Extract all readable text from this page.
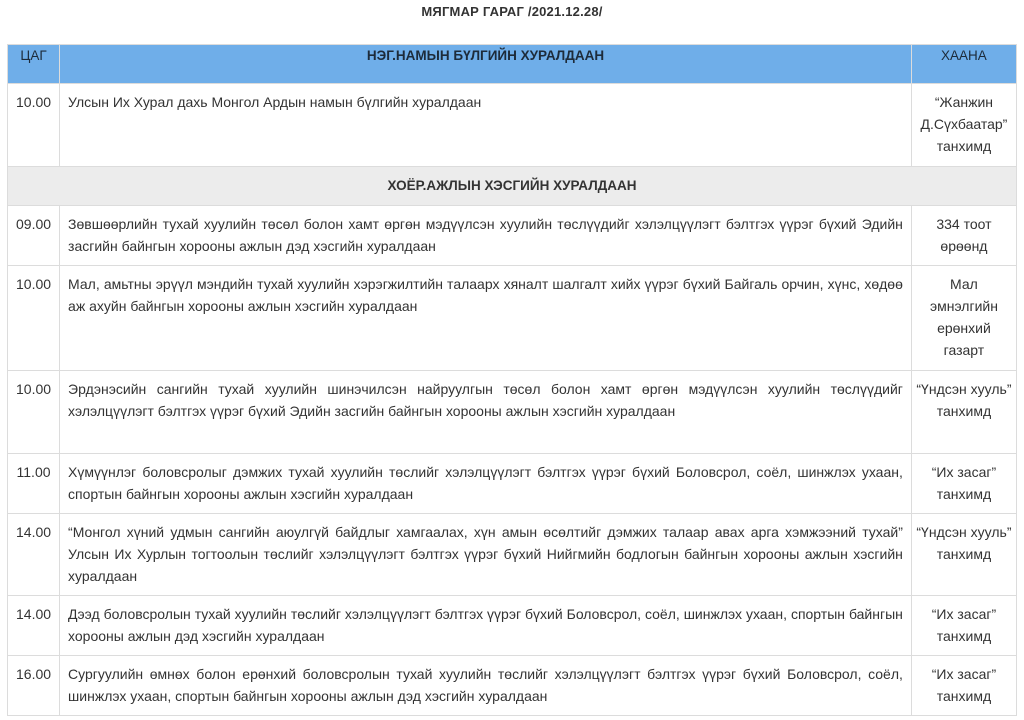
МЯГМАР ГАРАГ /2021.12.28/
ЦАГ	НЭГ.НАМЫН БҮЛГИЙН ХУРАЛДААН	ХААНА
10.00	Улсын Их Хурал дахь Монгол Ардын намын бүлгийн хуралдаан	“Жанжин Д.Сүхбаатар” танхимд
ХОЁР.АЖЛЫН ХЭСГИЙН ХУРАЛДААН		
09.00	Зөвшөөрлийн тухай хуулийн төсөл болон хамт өргөн мэдүүлсэн хуулийн төслүүдийг хэлэлцүүлэгт бэлтгэх үүрэг бүхий Эдийн засгийн байнгын хорооны ажлын дэд хэсгийн хуралдаан	334 тоот өрөөнд
10.00	Мал, амьтны эрүүл мэндийн тухай хуулийн хэрэгжилтийн талаарх хяналт шалгалт хийх үүрэг бүхий Байгаль орчин, хүнс, хөдөө аж ахуйн байнгын хорооны ажлын хэсгийн хуралдаан	Мал эмнэлгийн ерөнхий газарт
10.00	Эрдэнэсийн сангийн тухай хуулийн шинэчилсэн найруулгын төсөл болон хамт өргөн мэдүүлсэн хуулийн төслүүдийг хэлэлцүүлэгт бэлтгэх үүрэг бүхий Эдийн засгийн байнгын хорооны ажлын хэсгийн хуралдаан	“Үндсэн хууль” танхимд
11.00	Хүмүүнлэг боловсролыг дэмжих тухай хуулийн төслийг хэлэлцүүлэгт бэлтгэх үүрэг бүхий Боловсрол, соёл, шинжлэх ухаан, спортын байнгын хорооны ажлын хэсгийн хуралдаан	“Их засаг” танхимд
14.00	“Монгол хүний удмын сангийн аюулгүй байдлыг хамгаалах, хүн амын өсөлтийг дэмжих талаар авах арга хэмжээний тухай” Улсын Их Хурлын тогтоолын төслийг хэлэлцүүлэгт бэлтгэх үүрэг бүхий Нийгмийн бодлогын байнгын хорооны ажлын хэсгийн хуралдаан	“Үндсэн хууль” танхимд
14.00	Дээд боловсролын тухай хуулийн төслийг хэлэлцүүлэгт бэлтгэх үүрэг бүхий Боловсрол, соёл, шинжлэх ухаан, спортын байнгын хорооны ажлын дэд хэсгийн хуралдаан	“Их засаг” танхимд
16.00	Сургуулийн өмнөх болон ерөнхий боловсролын тухай хуулийн төслийг хэлэлцүүлэгт бэлтгэх үүрэг бүхий Боловсрол, соёл, шинжлэх ухаан, спортын байнгын хорооны ажлын дэд хэсгийн хуралдаан	“Их засаг” танхимд
